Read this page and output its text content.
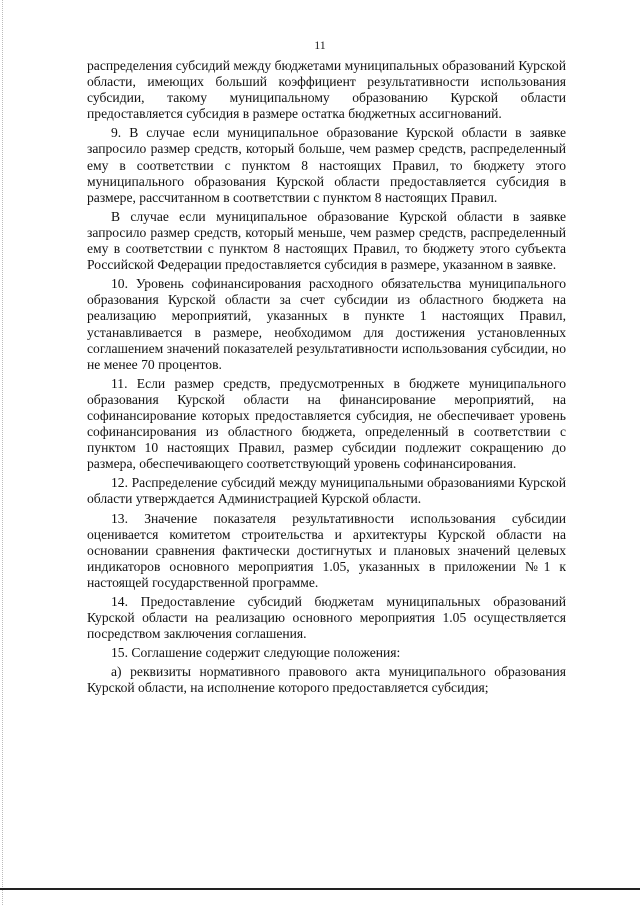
11

распределения субсидий между бюджетами муниципальных образований Курской области, имеющих больший коэффициент результативности использования субсидии, такому муниципальному образованию Курской области предоставляется субсидия в размере остатка бюджетных ассигнований.

9. В случае если муниципальное образование Курской области в заявке запросило размер средств, который больше, чем размер средств, распределенный ему в соответствии с пунктом 8 настоящих Правил, то бюджету этого муниципального образования Курской области предоставляется субсидия в размере, рассчитанном в соответствии с пунктом 8 настоящих Правил.

В случае если муниципальное образование Курской области в заявке запросило размер средств, который меньше, чем размер средств, распределенный ему в соответствии с пунктом 8 настоящих Правил, то бюджету этого субъекта Российской Федерации предоставляется субсидия в размере, указанном в заявке.

10. Уровень софинансирования расходного обязательства муниципального образования Курской области за счет субсидии из областного бюджета на реализацию мероприятий, указанных в пункте 1 настоящих Правил, устанавливается в размере, необходимом для достижения установленных соглашением значений показателей результативности использования субсидии, но не менее 70 процентов.

11. Если размер средств, предусмотренных в бюджете муниципального образования Курской области на финансирование мероприятий, на софинансирование которых предоставляется субсидия, не обеспечивает уровень софинансирования из областного бюджета, определенный в соответствии с пунктом 10 настоящих Правил, размер субсидии подлежит сокращению до размера, обеспечивающего соответствующий уровень софинансирования.

12. Распределение субсидий между муниципальными образованиями Курской области утверждается Администрацией Курской области.

13. Значение показателя результативности использования субсидии оценивается комитетом строительства и архитектуры Курской области на основании сравнения фактически достигнутых и плановых значений целевых индикаторов основного мероприятия 1.05, указанных в приложении №1 к настоящей государственной программе.

14. Предоставление субсидий бюджетам муниципальных образований Курской области на реализацию основного мероприятия 1.05 осуществляется посредством заключения соглашения.

15. Соглашение содержит следующие положения:

а) реквизиты нормативного правового акта муниципального образования Курской области, на исполнение которого предоставляется субсидия;
